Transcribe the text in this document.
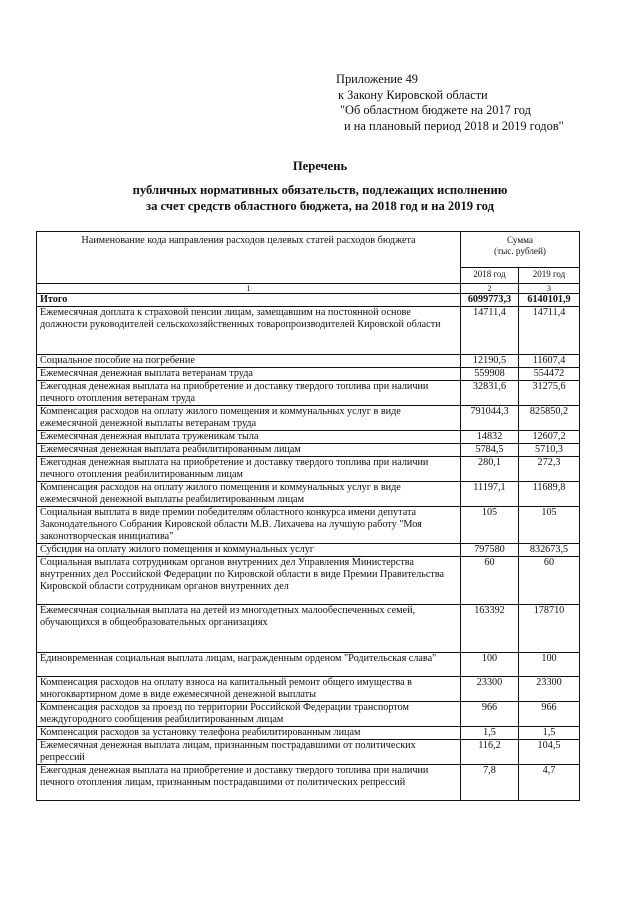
Приложение 49
к Закону Кировской области
"Об областном бюджете на 2017 год
и на плановый период 2018 и 2019 годов"
Перечень
публичных нормативных обязательств, подлежащих исполнению
за счет средств областного бюджета, на 2018 год и на 2019 год
Наименование кода направления расходов целевых статей расходов бюджета	Сумма
(тыс. рублей)	
	2018 год	2019 год
1	2	3
Итого	6099773,3	6140101,9
Ежемесячная доплата к страховой пенсии лицам, замещавшим на постоянной основе должности руководителей сельскохозяйственных товаропроизводителей Кировской области	14711,4	14711,4
Социальное пособие на погребение	12190,5	11607,4
Ежемесячная денежная выплата ветеранам труда	559908	554472
Ежегодная денежная выплата на приобретение и доставку твердого топлива при наличии печного отопления ветеранам труда	32831,6	31275,6
Компенсация расходов на оплату жилого помещения и коммунальных услуг в виде ежемесячной денежной выплаты ветеранам труда	791044,3	825850,2
Ежемесячная денежная выплата труженикам тыла	14832	12607,2
Ежемесячная денежная выплата реабилитированным лицам	5784,5	5710,3
Ежегодная денежная выплата на приобретение и доставку твердого топлива при наличии печного отопления реабилитированным лицам	280,1	272,3
Компенсация расходов на оплату жилого помещения и коммунальных услуг в виде ежемесячной денежной выплаты реабилитированным лицам	11197,1	11689,8
Социальная выплата в виде премии победителям областного конкурса имени депутата Законодательного Собрания Кировской области М.В. Лихачева на лучшую работу "Моя законотворческая инициатива"	105	105
Субсидия на оплату жилого помещения и коммунальных услуг	797580	832673,5
Социальная выплата сотрудникам органов внутренних дел Управления Министерства внутренних дел Российской Федерации по Кировской области в виде Премии Правительства Кировской области сотрудникам органов внутренних дел	60	60
Ежемесячная социальная выплата на детей из многодетных малообеспеченных семей, обучающихся в общеобразовательных организациях	163392	178710
Единовременная социальная выплата лицам, награжденным орденом "Родительская слава"	100	100
Компенсация расходов на оплату взноса на капитальный ремонт общего имущества в многоквартирном доме в виде ежемесячной денежной выплаты	23300	23300
Компенсация расходов за проезд по территории Российской Федерации транспортом междугородного сообщения реабилитированным лицам	966	966
Компенсация расходов за установку телефона реабилитированным лицам	1,5	1,5
Ежемесячная денежная выплата лицам, признанным пострадавшими от политических репрессий	116,2	104,5
Ежегодная денежная выплата на приобретение и доставку твердого топлива при наличии печного отопления лицам, признанным пострадавшими от политических репрессий	7,8	4,7
